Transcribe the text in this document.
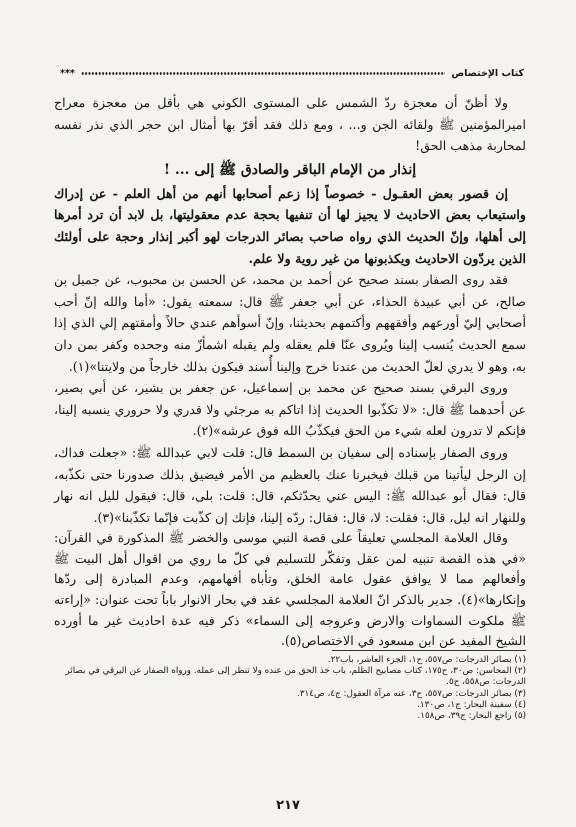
كتاب الإختصاص
***

ولا أظنّ أن معجزة ردّ الشمس على المستوى الكوني هي بأقل من معجزة معراج اميرالمؤمنين ﷺ ولقائه الجن و... ، ومع ذلك فقد أقرّ بها أمثال ابن حجر الذي نذر نفسه لمحاربة مذهب الحق!

إنذار من الإمام الباقر والصادق ﷺ إلى ... !

إن قصور بعض العقـول - خصوصاً إذا زعم أصحابها أنهم من أهل العلم - عن إدراك واستيعاب بعض الاحاديث لا يجيز لها أن تنفيها بحجة عدم معقوليتها، بل لابد أن ترد أمرها إلى أهلها، وإنّ الحديث الذي رواه صاحب بصائر الدرجات لهو أكبر إنذار وحجة على أولئك الذين يردّون الاحاديث ويكذبونها من غير روية ولا علم.

فقد روى الصفار بسند صحيح عن أحمد بن محمد، عن الحسن بن محبوب، عن جميل بن صالح، عن أبي عبيدة الحذاء، عن أبي جعفر ﷺ قال: سمعته يقول: «أما والله إنّ أحب أصحابي إليّ أورعهم وأفقههم وأكتمهم بحديثنا، وإنّ أسوأهم عندي حالاً وأمقتهم إلي الذي إذا سمع الحديث يُنسب إلينا ويُروى عنّا فلم يعقله ولم يقبله اشمأزّ منه وجحده وكفر بمن دان به، وهو لا يدري لعلّ الحديث من عندنا خرج وإلينا أُسند فيكون بذلك خارجاً من ولايتنا»(١).

وروى البرقي بسند صحيح عن محمد بن إسماعيل، عن جعفر بن بشير، عن أبي بصير، عن أحدهما ﷺ قال: «لا تكذّبوا الحديث إذا اتاكم به مرجئي ولا قدري ولا حروري ينسبه إلينا، فإنكم لا تدرون لعله شيء من الحق فيكذّبُ الله فوق عرشه»(٢).

وروى الصفار بإسناده إلى سفيان بن السمط قال: قلت لابي عبدالله ﷺ: «جعلت فداك، إن الرجل ليأتينا من قبلك فيخبرنا عنك بالعظيم من الأمر فيضيق بذلك صدورنا حتى نكذّبه، قال: فقال أبو عبدالله ﷺ: اليس عني يحدّثكم، قال: قلت: بلى، قال: فيقول لليل انه نهار وللنهار انه ليل، قال: فقلت: لا، قال: فقال: ردّه إلينا، فإنك إن كذّبت فإنّما تكذّبنا»(٣).

وقال العلامة المجلسي تعليقاً على قصة النبي موسى والخضر ﷺ المذكورة في القرآن: «في هذه القصة تنبيه لمن عقل وتفكّر للتسليم في كلّ ما روي من اقوال أهل البيت ﷺ وأفعالهم مما لا يوافق عقول عامة الخلق، وتأباه أفهامهم، وعدم المبادرة إلى ردّها وإنكارها»(٤). جدير بالذكر انّ العلامة المجلسي عقد في بحار الانوار باباً تحت عنوان: «إراءته ﷺ ملكوت السماوات والارض وعروجه إلى السماء» ذكر فيه عدة احاديث غير ما أورده الشيخ المفيد عن ابن مسعود في الاختصاص(٥).

(١) بصائر الدرجات: ص٥٥٧، ح١، الجزء العاشر، باب٢٢.
(٢) المحاسن: ص٣٠، ح١٧٥، كتاب مصابيح الظلم، باب خذ الحق من عنده ولا تنظر إلى عمله. ورواه الصفار عن البرقي في بصائر الدرجات: ص٥٥٨، ح٥.
(٣) بصائر الدرجات: ص٥٥٧، ح٣، عنه مرآة العقول: ج٤، ص٣١٤.
(٤) سفينة البحار: ج١، ص١٣٠.
(٥) راجع البحار: ج٣٩، ص١٥٨.
٢١٧
